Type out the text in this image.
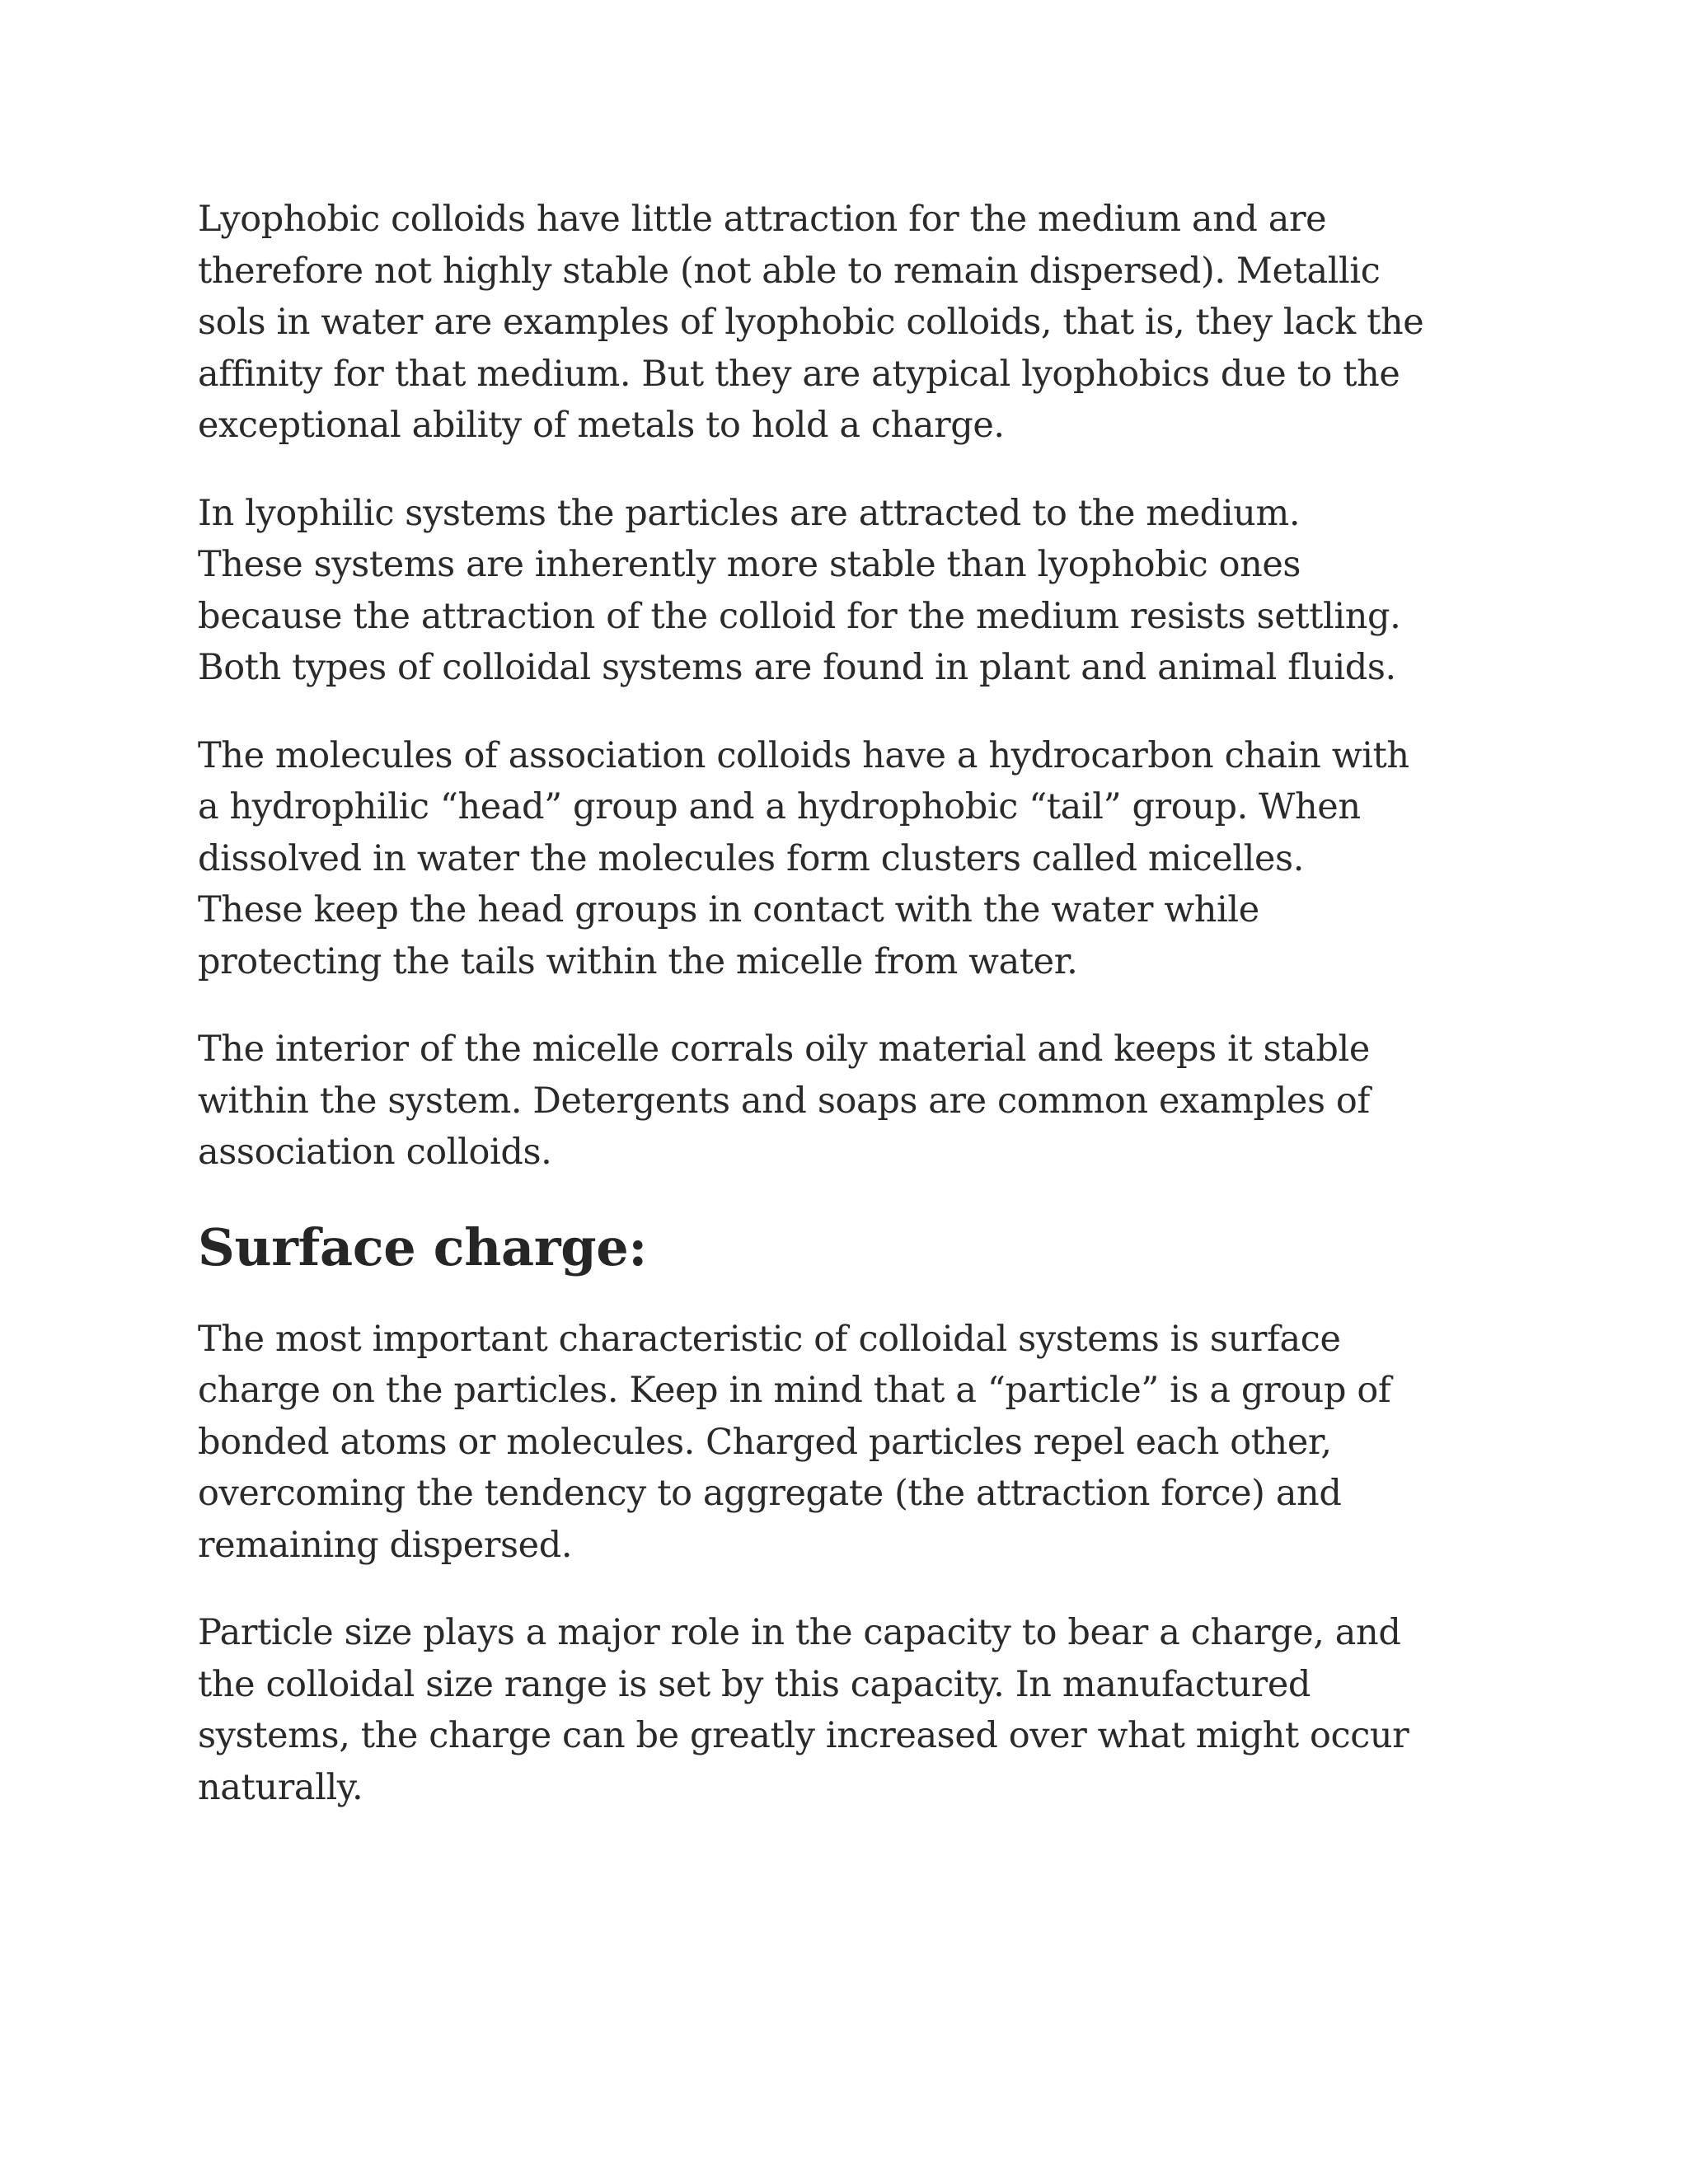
Lyophobic colloids have little attraction for the medium and are
therefore not highly stable (not able to remain dispersed). Metallic
sols in water are examples of lyophobic colloids, that is, they lack the
affinity for that medium. But they are atypical lyophobics due to the
exceptional ability of metals to hold a charge.

In lyophilic systems the particles are attracted to the medium.
These systems are inherently more stable than lyophobic ones
because the attraction of the colloid for the medium resists settling.
Both types of colloidal systems are found in plant and animal fluids.

The molecules of association colloids have a hydrocarbon chain with
a hydrophilic “head” group and a hydrophobic “tail” group. When
dissolved in water the molecules form clusters called micelles.
These keep the head groups in contact with the water while
protecting the tails within the micelle from water.

The interior of the micelle corrals oily material and keeps it stable
within the system. Detergents and soaps are common examples of
association colloids.

Surface charge:

The most important characteristic of colloidal systems is surface
charge on the particles. Keep in mind that a “particle” is a group of
bonded atoms or molecules. Charged particles repel each other,
overcoming the tendency to aggregate (the attraction force) and
remaining dispersed.

Particle size plays a major role in the capacity to bear a charge, and
the colloidal size range is set by this capacity. In manufactured
systems, the charge can be greatly increased over what might occur
naturally.
